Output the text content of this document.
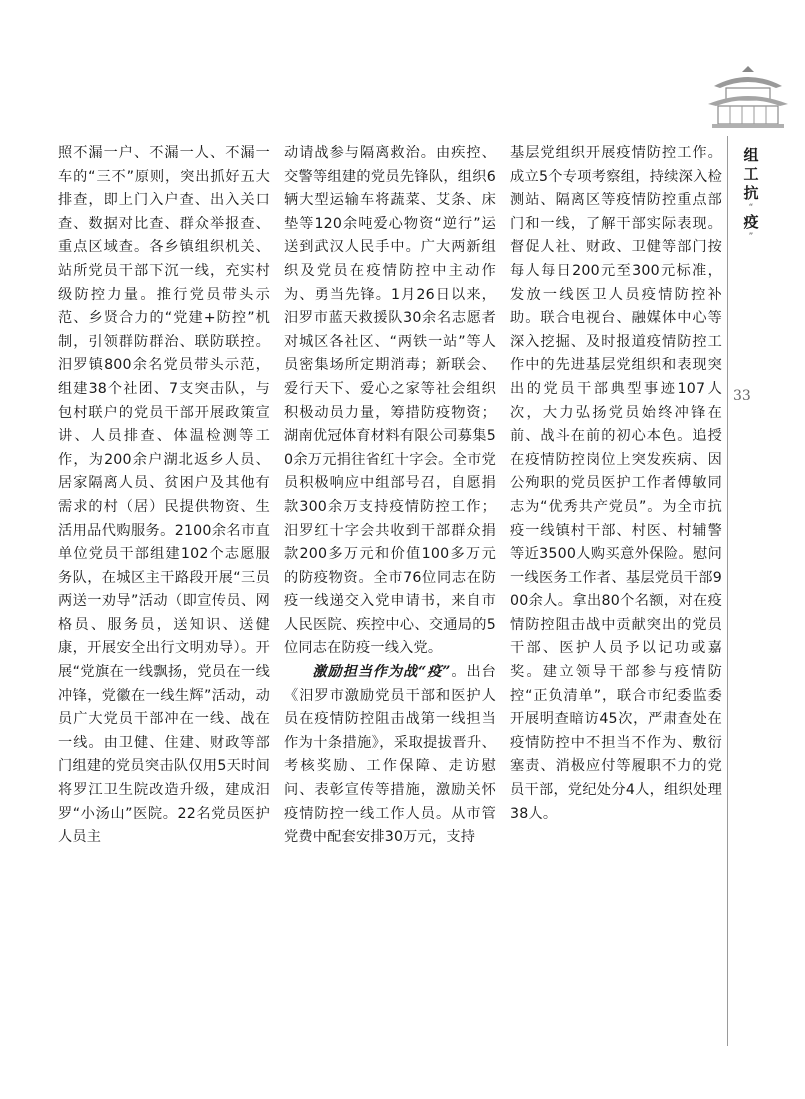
组
工
抗
“
疫
”
33

照不漏一户、不漏一人、不漏一车的“三不”原则，突出抓好五大排查，即上门入户查、出入关口查、数据对比查、群众举报查、重点区域查。各乡镇组织机关、站所党员干部下沉一线，充实村级防控力量。推行党员带头示范、乡贤合力的“党建+防控”机制，引领群防群治、联防联控。汨罗镇800余名党员带头示范，组建38个社团、7支突击队，与包村联户的党员干部开展政策宣讲、人员排查、体温检测等工作，为200余户湖北返乡人员、居家隔离人员、贫困户及其他有需求的村（居）民提供物资、生活用品代购服务。2100余名市直单位党员干部组建102个志愿服务队，在城区主干路段开展“三员两送一劝导”活动（即宣传员、网格员、服务员，送知识、送健康，开展安全出行文明劝导）。开展“党旗在一线飘扬，党员在一线冲锋，党徽在一线生辉”活动，动员广大党员干部冲在一线、战在一线。由卫健、住建、财政等部门组建的党员突击队仅用5天时间将罗江卫生院改造升级，建成汨罗“小汤山”医院。22名党员医护人员主

动请战参与隔离救治。由疾控、交警等组建的党员先锋队，组织6辆大型运输车将蔬菜、艾条、床垫等120余吨爱心物资“逆行”运送到武汉人民手中。广大两新组织及党员在疫情防控中主动作为、勇当先锋。1月26日以来，汨罗市蓝天救援队30余名志愿者对城区各社区、“两铁一站”等人员密集场所定期消毒；新联会、爱行天下、爱心之家等社会组织积极动员力量，筹措防疫物资；湖南优冠体育材料有限公司募集50余万元捐往省红十字会。全市党员积极响应中组部号召，自愿捐款300余万支持疫情防控工作；汨罗红十字会共收到干部群众捐款200多万元和价值100多万元的防疫物资。全市76位同志在防疫一线递交入党申请书，来自市人民医院、疾控中心、交通局的5位同志在防疫一线入党。

激励担当作为战“疫”。出台《汨罗市激励党员干部和医护人员在疫情防控阻击战第一线担当作为十条措施》，采取提拔晋升、考核奖励、工作保障、走访慰问、表彰宣传等措施，激励关怀疫情防控一线工作人员。从市管党费中配套安排30万元，支持

基层党组织开展疫情防控工作。成立5个专项考察组，持续深入检测站、隔离区等疫情防控重点部门和一线，了解干部实际表现。督促人社、财政、卫健等部门按每人每日200元至300元标准，发放一线医卫人员疫情防控补助。联合电视台、融媒体中心等深入挖掘、及时报道疫情防控工作中的先进基层党组织和表现突出的党员干部典型事迹107人次，大力弘扬党员始终冲锋在前、战斗在前的初心本色。追授在疫情防控岗位上突发疾病、因公殉职的党员医护工作者傅敏同志为“优秀共产党员”。为全市抗疫一线镇村干部、村医、村辅警等近3500人购买意外保险。慰问一线医务工作者、基层党员干部900余人。拿出80个名额，对在疫情防控阻击战中贡献突出的党员干部、医护人员予以记功或嘉奖。建立领导干部参与疫情防控“正负清单”，联合市纪委监委开展明查暗访45次，严肃查处在疫情防控中不担当不作为、敷衍塞责、消极应付等履职不力的党员干部，党纪处分4人，组织处理38人。
